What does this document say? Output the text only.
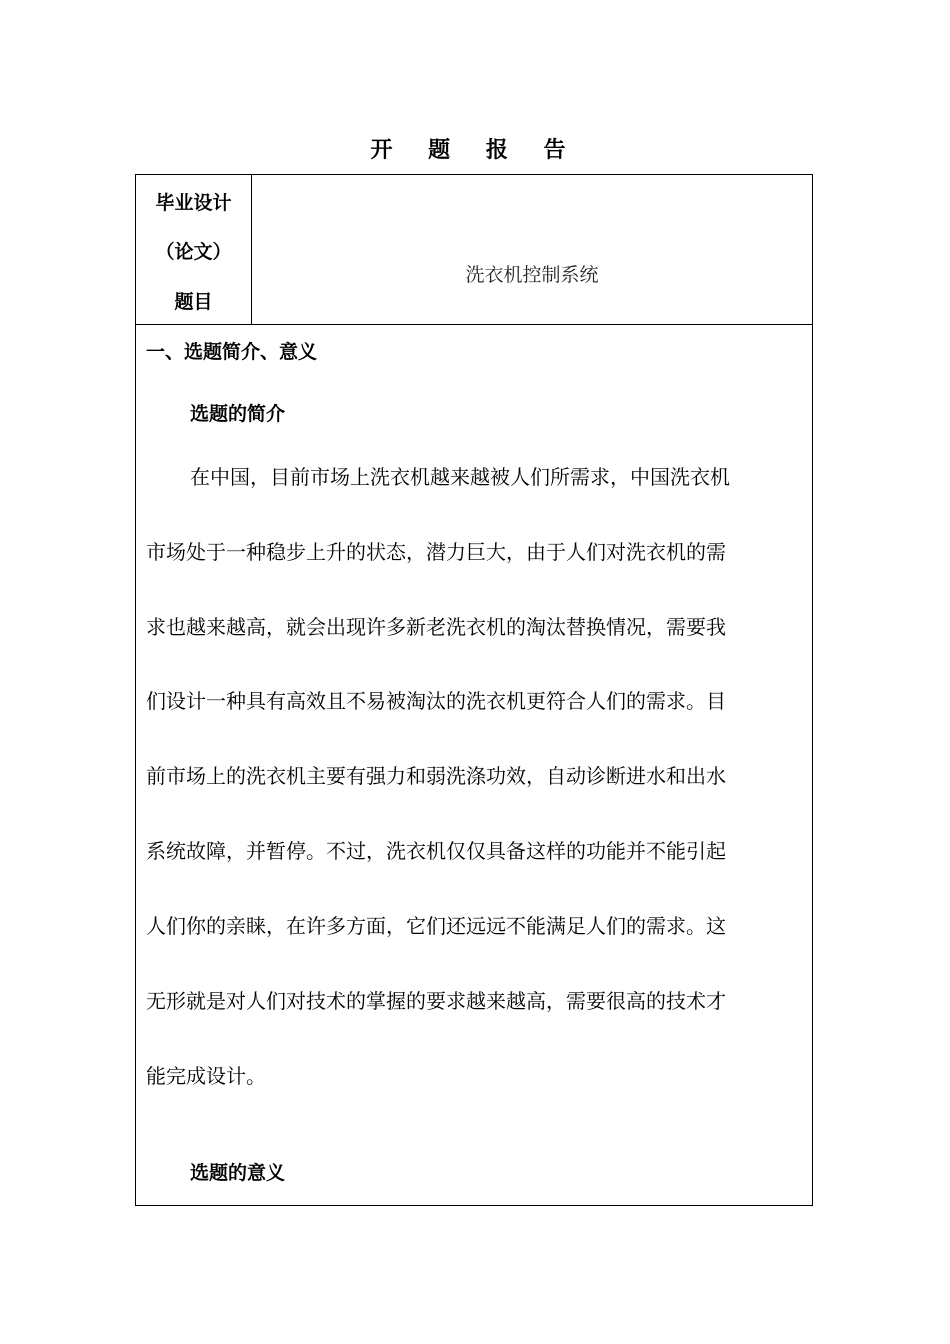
开 题 报 告
毕业设计
（论文）
题目
洗衣机控制系统
一、选题简介、意义
选题的简介
在中国，目前市场上洗衣机越来越被人们所需求，中国洗衣机
市场处于一种稳步上升的状态，潜力巨大，由于人们对洗衣机的需
求也越来越高，就会出现许多新老洗衣机的淘汰替换情况，需要我
们设计一种具有高效且不易被淘汰的洗衣机更符合人们的需求。目
前市场上的洗衣机主要有强力和弱洗涤功效，自动诊断进水和出水
系统故障，并暂停。不过，洗衣机仅仅具备这样的功能并不能引起
人们你的亲睐，在许多方面，它们还远远不能满足人们的需求。这
无形就是对人们对技术的掌握的要求越来越高，需要很高的技术才
能完成设计。
选题的意义
